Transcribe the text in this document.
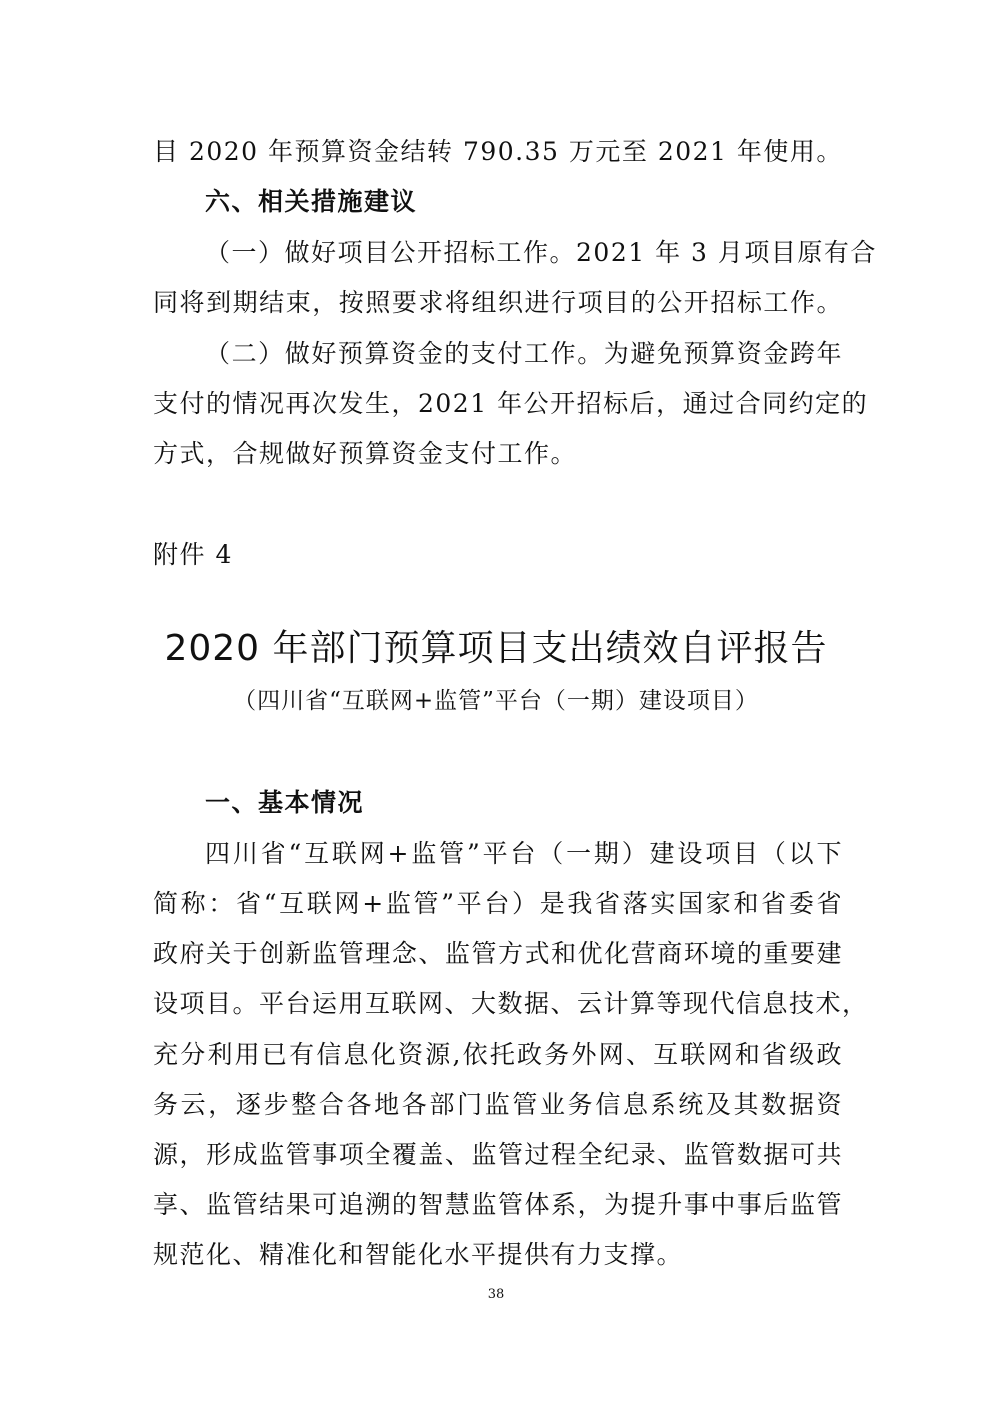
目 2020 年预算资金结转 790.35 万元至 2021 年使用。
六、相关措施建议
（一）做好项目公开招标工作。2021 年 3 月项目原有合
同将到期结束，按照要求将组织进行项目的公开招标工作。
（二）做好预算资金的支付工作。为避免预算资金跨年
支付的情况再次发生，2021 年公开招标后，通过合同约定的
方式，合规做好预算资金支付工作。
附件 4
2020 年部门预算项目支出绩效自评报告
（四川省“互联网+监管”平台（一期）建设项目）
一、基本情况
四川省“互联网+监管”平台（一期）建设项目（以下
简称：省“互联网+监管”平台）是我省落实国家和省委省
政府关于创新监管理念、监管方式和优化营商环境的重要建
设项目。平台运用互联网、大数据、云计算等现代信息技术，
充分利用已有信息化资源,依托政务外网、互联网和省级政
务云，逐步整合各地各部门监管业务信息系统及其数据资
源，形成监管事项全覆盖、监管过程全纪录、监管数据可共
享、监管结果可追溯的智慧监管体系，为提升事中事后监管
规范化、精准化和智能化水平提供有力支撑。
38
